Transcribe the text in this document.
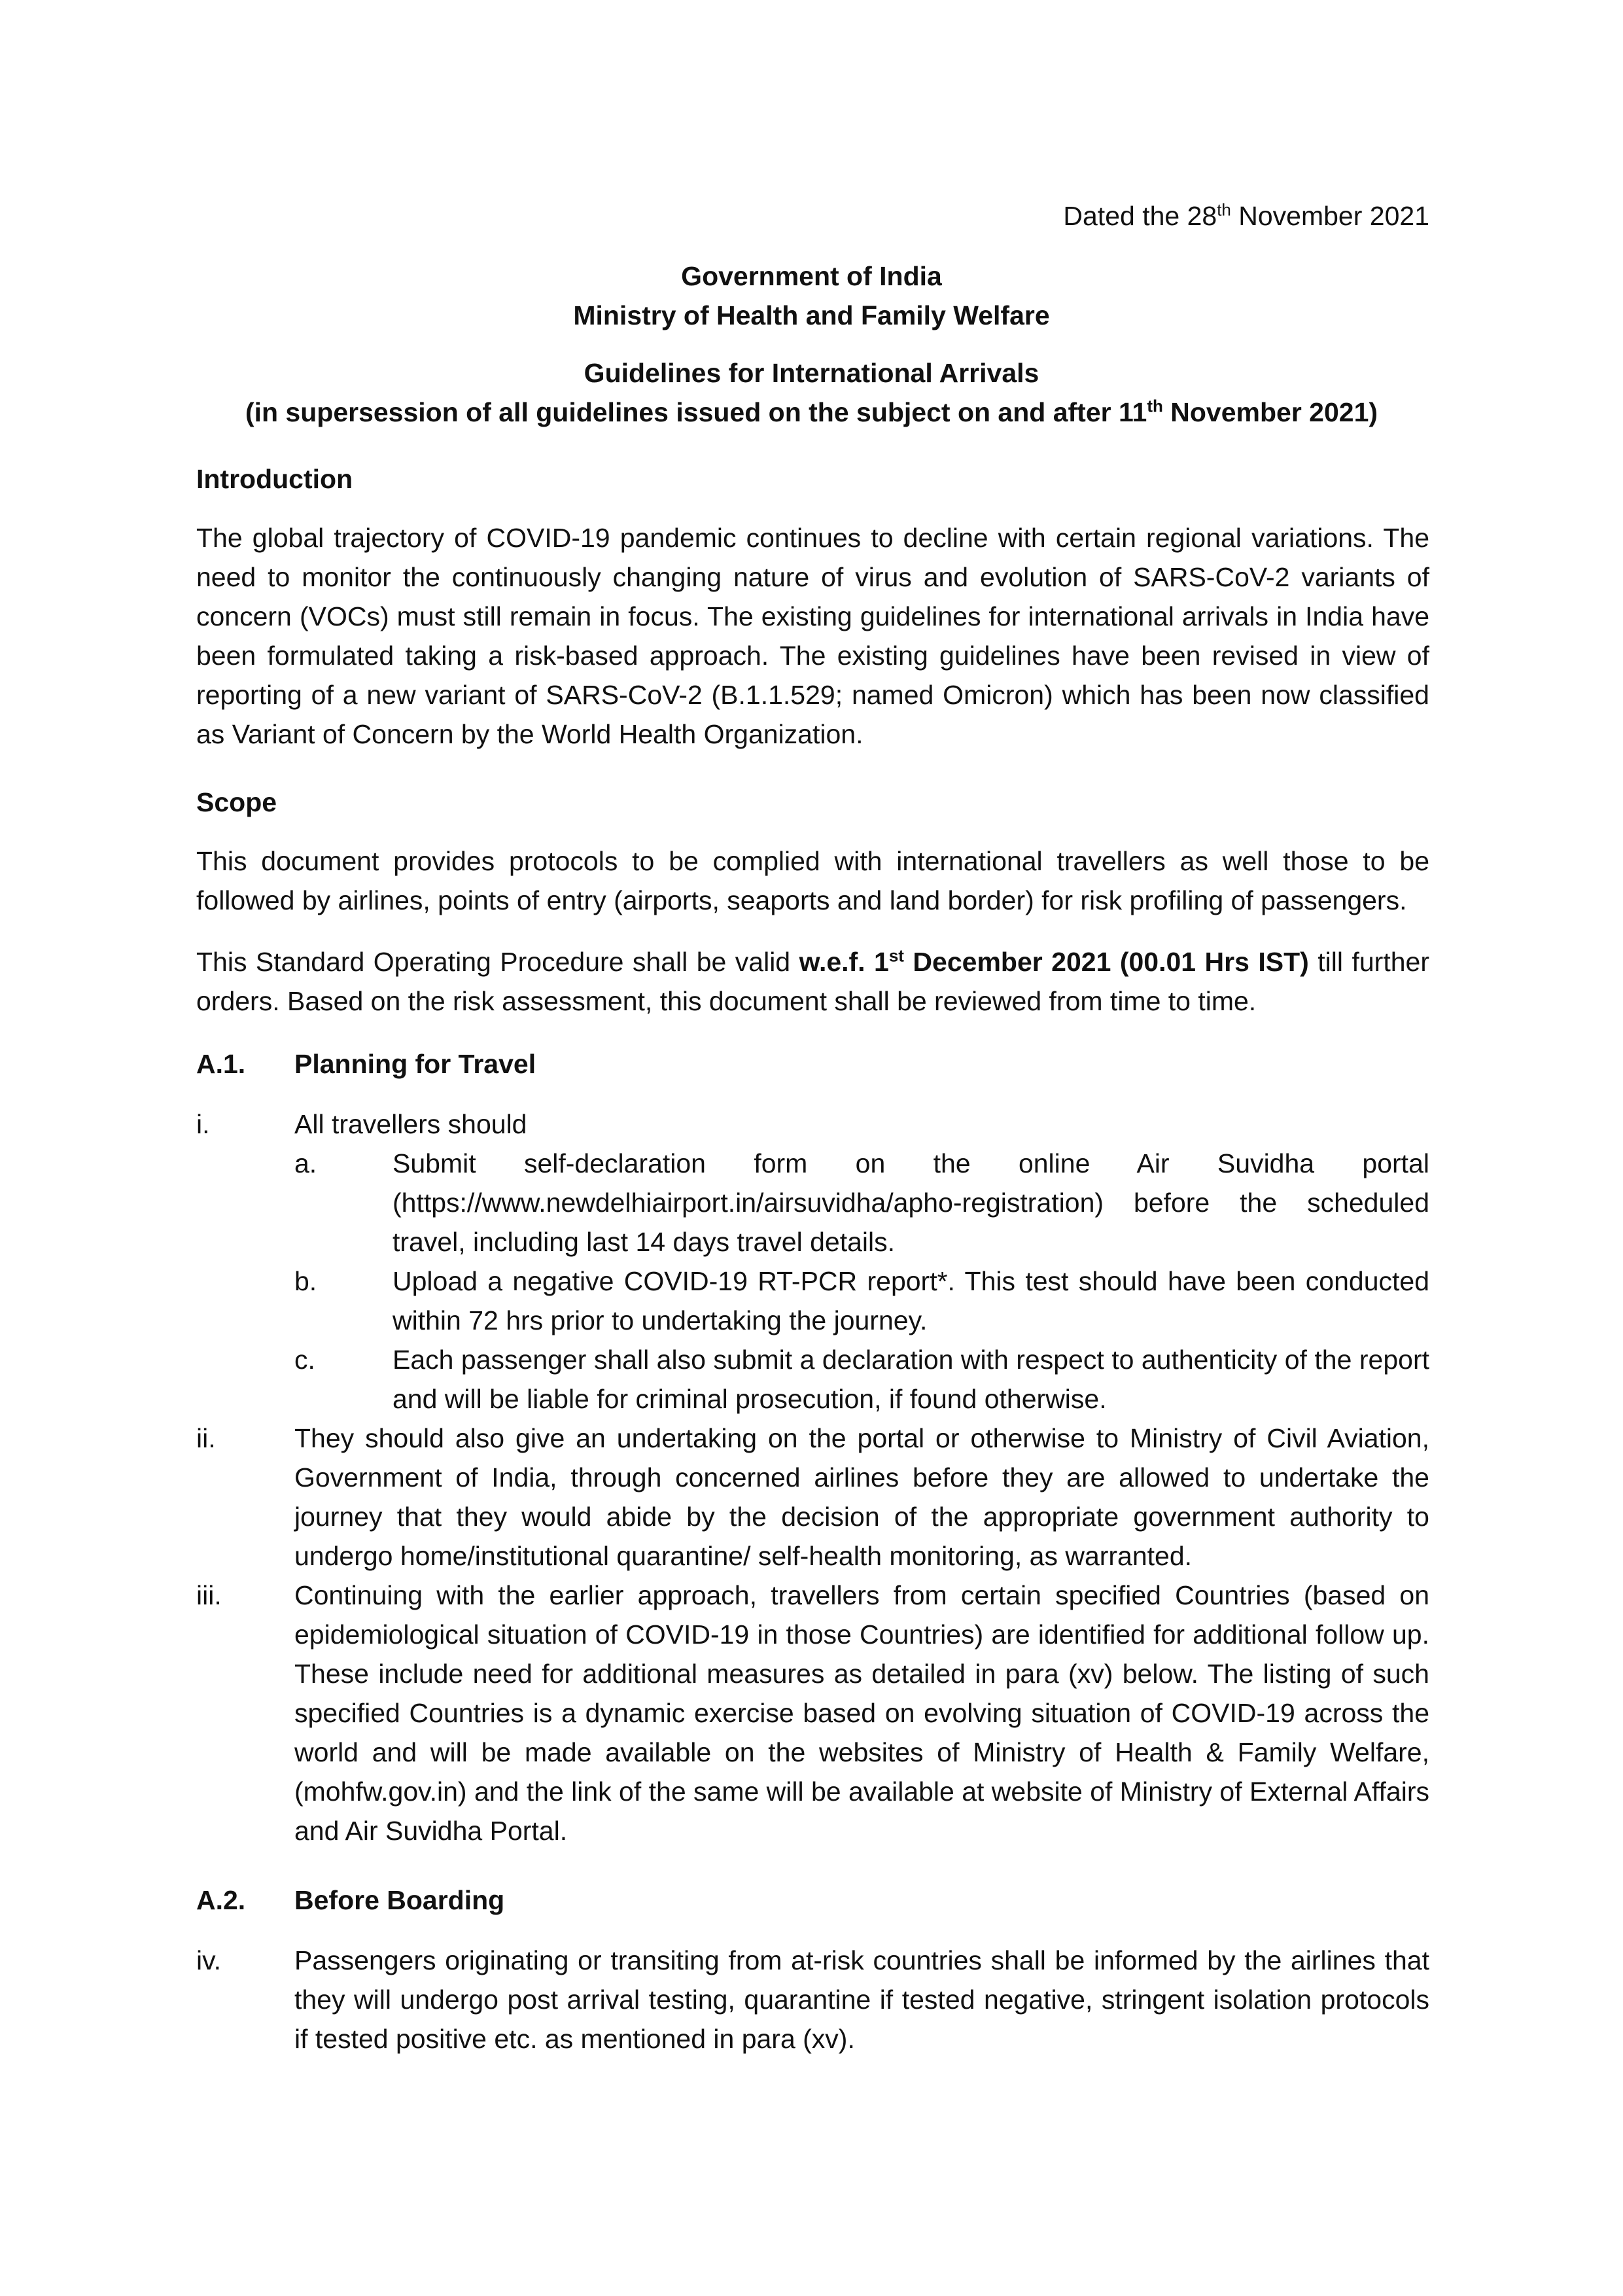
Dated the 28th November 2021

Government of India

Ministry of Health and Family Welfare

Guidelines for International Arrivals

(in supersession of all guidelines issued on the subject on and after 11th November 2021)

Introduction

The global trajectory of COVID-19 pandemic continues to decline with certain regional variations. The need to monitor the continuously changing nature of virus and evolution of SARS-CoV-2 variants of concern (VOCs) must still remain in focus. The existing guidelines for international arrivals in India have been formulated taking a risk-based approach. The existing guidelines have been revised in view of reporting of a new variant of SARS-CoV-2 (B.1.1.529; named Omicron) which has been now classified as Variant of Concern by the World Health Organization.

Scope

This document provides protocols to be complied with international travellers as well those to be followed by airlines, points of entry (airports, seaports and land border) for risk profiling of passengers.

This Standard Operating Procedure shall be valid w.e.f. 1st December 2021 (00.01 Hrs IST) till further orders. Based on the risk assessment, this document shall be reviewed from time to time.

A.1.	Planning for Travel
i.	All travellers should
a.	Submit self-declaration form on the online Air Suvidha portal (https://www.newdelhiairport.in/airsuvidha/apho-registration) before the scheduled travel, including last 14 days travel details.
b.	Upload a negative COVID-19 RT-PCR report*. This test should have been conducted within 72 hrs prior to undertaking the journey.
c.	Each passenger shall also submit a declaration with respect to authenticity of the report and will be liable for criminal prosecution, if found otherwise.
ii.	They should also give an undertaking on the portal or otherwise to Ministry of Civil Aviation, Government of India, through concerned airlines before they are allowed to undertake the journey that they would abide by the decision of the appropriate government authority to undergo home/institutional quarantine/ self-health monitoring, as warranted.
iii.	Continuing with the earlier approach, travellers from certain specified Countries (based on epidemiological situation of COVID-19 in those Countries) are identified for additional follow up. These include need for additional measures as detailed in para (xv) below. The listing of such specified Countries is a dynamic exercise based on evolving situation of COVID-19 across the world and will be made available on the websites of Ministry of Health & Family Welfare, (mohfw.gov.in) and the link of the same will be available at website of Ministry of External Affairs and Air Suvidha Portal.
A.2.	Before Boarding
iv.	Passengers originating or transiting from at-risk countries shall be informed by the airlines that they will undergo post arrival testing, quarantine if tested negative, stringent isolation protocols if tested positive etc. as mentioned in para (xv).
